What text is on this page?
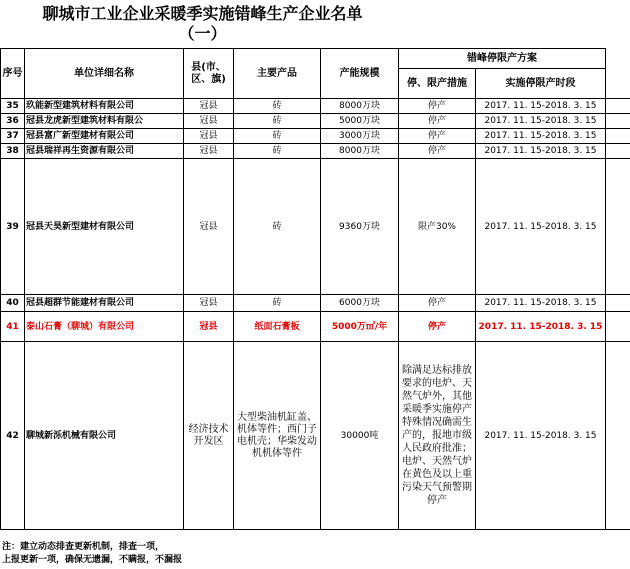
聊城市工业企业采暖季实施错峰生产企业名单
（一）
序号	单位详细名称	县(市、区、旗)	主要产品	产能规模	错峰停限产方案		
					停、限产措施	实施停限产时段	
35	玖能新型建筑材料有限公司	冠县	砖	8000万块	停产	2017. 11. 15-2018. 3. 15	
36	冠县龙虎新型建筑材料有限公	冠县	砖	5000万块	停产	2017. 11. 15-2018. 3. 15	
37	冠县富广新型建材有限公司	冠县	砖	3000万块	停产	2017. 11. 15-2018. 3. 15	
38	冠县瑞祥再生资源有限公司	冠县	砖	8000万块	停产	2017. 11. 15-2018. 3. 15	
39	冠县天昊新型建材有限公司	冠县	砖	9360万块	限产30%	2017. 11. 15-2018. 3. 15	
40	冠县超群节能建材有限公司	冠县	砖	6000万块	停产	2017. 11. 15-2018. 3. 15	
41	泰山石膏（聊城）有限公司	冠县	纸面石膏板	5000万㎡/年	停产	2017. 11. 15-2018. 3. 15	
42	聊城新泺机械有限公司	经济技术开发区	大型柴油机缸盖、机体等件；西门子电机壳；华柴发动机机体等件	30000吨	除满足达标排放要求的电炉、天然气炉外，其他采暖季实施停产特殊情况确需生产的，报地市级人民政府批准；电炉、天然气炉在黄色及以上重污染天气预警期停产	2017. 11. 15-2018. 3. 15	
注：建立动态排查更新机制，排查一项，
上报更新一项，确保无遗漏，不瞒报，不漏报
